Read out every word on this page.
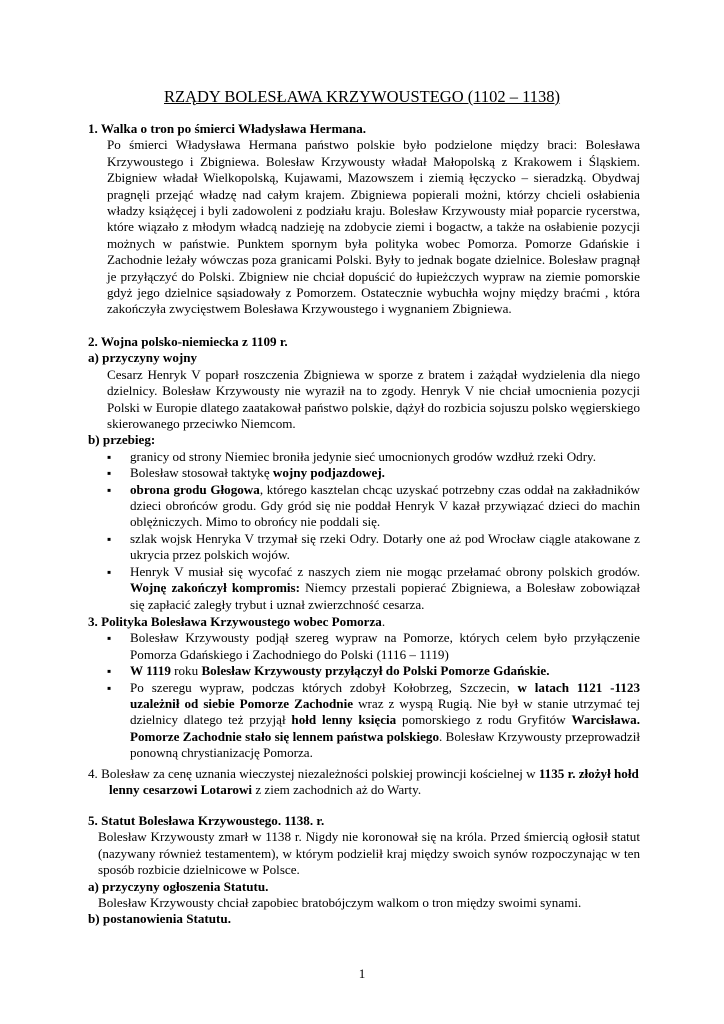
RZĄDY BOLESŁAWA KRZYWOUSTEGO (1102 – 1138)
1. Walka o tron po śmierci Władysława Hermana.
Po śmierci Władysława Hermana państwo polskie było podzielone między braci: Bolesława Krzywoustego i Zbigniewa. Bolesław Krzywousty władał Małopolską z Krakowem i Śląskiem. Zbigniew władał Wielkopolską, Kujawami, Mazowszem i ziemią łęczycko – sieradzką. Obydwaj pragnęli przejąć władzę nad całym krajem. Zbigniewa popierali możni, którzy chcieli osłabienia władzy książęcej i byli zadowoleni z podziału kraju. Bolesław Krzywousty miał poparcie rycerstwa, które wiązało z młodym władcą nadzieję na zdobycie ziemi i bogactw, a także na osłabienie pozycji możnych w państwie. Punktem spornym była polityka wobec Pomorza. Pomorze Gdańskie i Zachodnie leżały wówczas poza granicami Polski. Były to jednak bogate dzielnice. Bolesław pragnął je przyłączyć do Polski. Zbigniew nie chciał dopuścić do łupieżczych wypraw na ziemie pomorskie gdyż jego dzielnice sąsiadowały z Pomorzem. Ostatecznie wybuchła wojny między braćmi , która zakończyła zwycięstwem Bolesława Krzywoustego i wygnaniem Zbigniewa.
2. Wojna polsko-niemiecka z 1109 r.
a) przyczyny wojny
Cesarz Henryk V poparł roszczenia Zbigniewa w sporze z bratem i zażądał wydzielenia dla niego dzielnicy. Bolesław Krzywousty nie wyraził na to zgody. Henryk V nie chciał umocnienia pozycji Polski w Europie dlatego zaatakował państwo polskie, dążył do rozbicia sojuszu polsko węgierskiego skierowanego przeciwko Niemcom.
b) przebieg:
▪ granicy od strony Niemiec broniła jedynie sieć umocnionych grodów wzdłuż rzeki Odry.
▪ Bolesław stosował taktykę wojny podjazdowej.
▪ obrona grodu Głogowa, którego kasztelan chcąc uzyskać potrzebny czas oddał na zakładników dzieci obrońców grodu. Gdy gród się nie poddał Henryk V kazał przywiązać dzieci do machin oblężniczych. Mimo to obrońcy nie poddali się.
▪ szlak wojsk Henryka V trzymał się rzeki Odry. Dotarły one aż pod Wrocław ciągle atakowane z ukrycia przez polskich wojów.
▪ Henryk V musiał się wycofać z naszych ziem nie mogąc przełamać obrony polskich grodów. Wojnę zakończył kompromis: Niemcy przestali popierać Zbigniewa, a Bolesław zobowiązał się zapłacić zaległy trybut i uznał zwierzchność cesarza.
3. Polityka Bolesława Krzywoustego wobec Pomorza.
▪ Bolesław Krzywousty podjął szereg wypraw na Pomorze, których celem było przyłączenie Pomorza Gdańskiego i Zachodniego do Polski (1116 – 1119)
▪ W 1119 roku Bolesław Krzywousty przyłączył do Polski Pomorze Gdańskie.
▪ Po szeregu wypraw, podczas których zdobył Kołobrzeg, Szczecin, w latach 1121 -1123 uzależnił od siebie Pomorze Zachodnie wraz z wyspą Rugią. Nie był w stanie utrzymać tej dzielnicy dlatego też przyjął hołd lenny księcia pomorskiego z rodu Gryfitów Warcisława. Pomorze Zachodnie stało się lennem państwa polskiego. Bolesław Krzywousty przeprowadził ponowną chrystianizację Pomorza.
4. Bolesław za cenę uznania wieczystej niezależności polskiej prowincji kościelnej w 1135 r. złożył hołd lenny cesarzowi Lotarowi z ziem zachodnich aż do Warty.
5. Statut Bolesława Krzywoustego. 1138. r.
Bolesław Krzywousty zmarł w 1138 r. Nigdy nie koronował się na króla. Przed śmiercią ogłosił statut (nazywany również testamentem), w którym podzielił kraj między swoich synów rozpoczynając w ten sposób rozbicie dzielnicowe w Polsce.
a) przyczyny ogłoszenia Statutu.
Bolesław Krzywousty chciał zapobiec bratobójczym walkom o tron między swoimi synami.
b) postanowienia Statutu.
1
